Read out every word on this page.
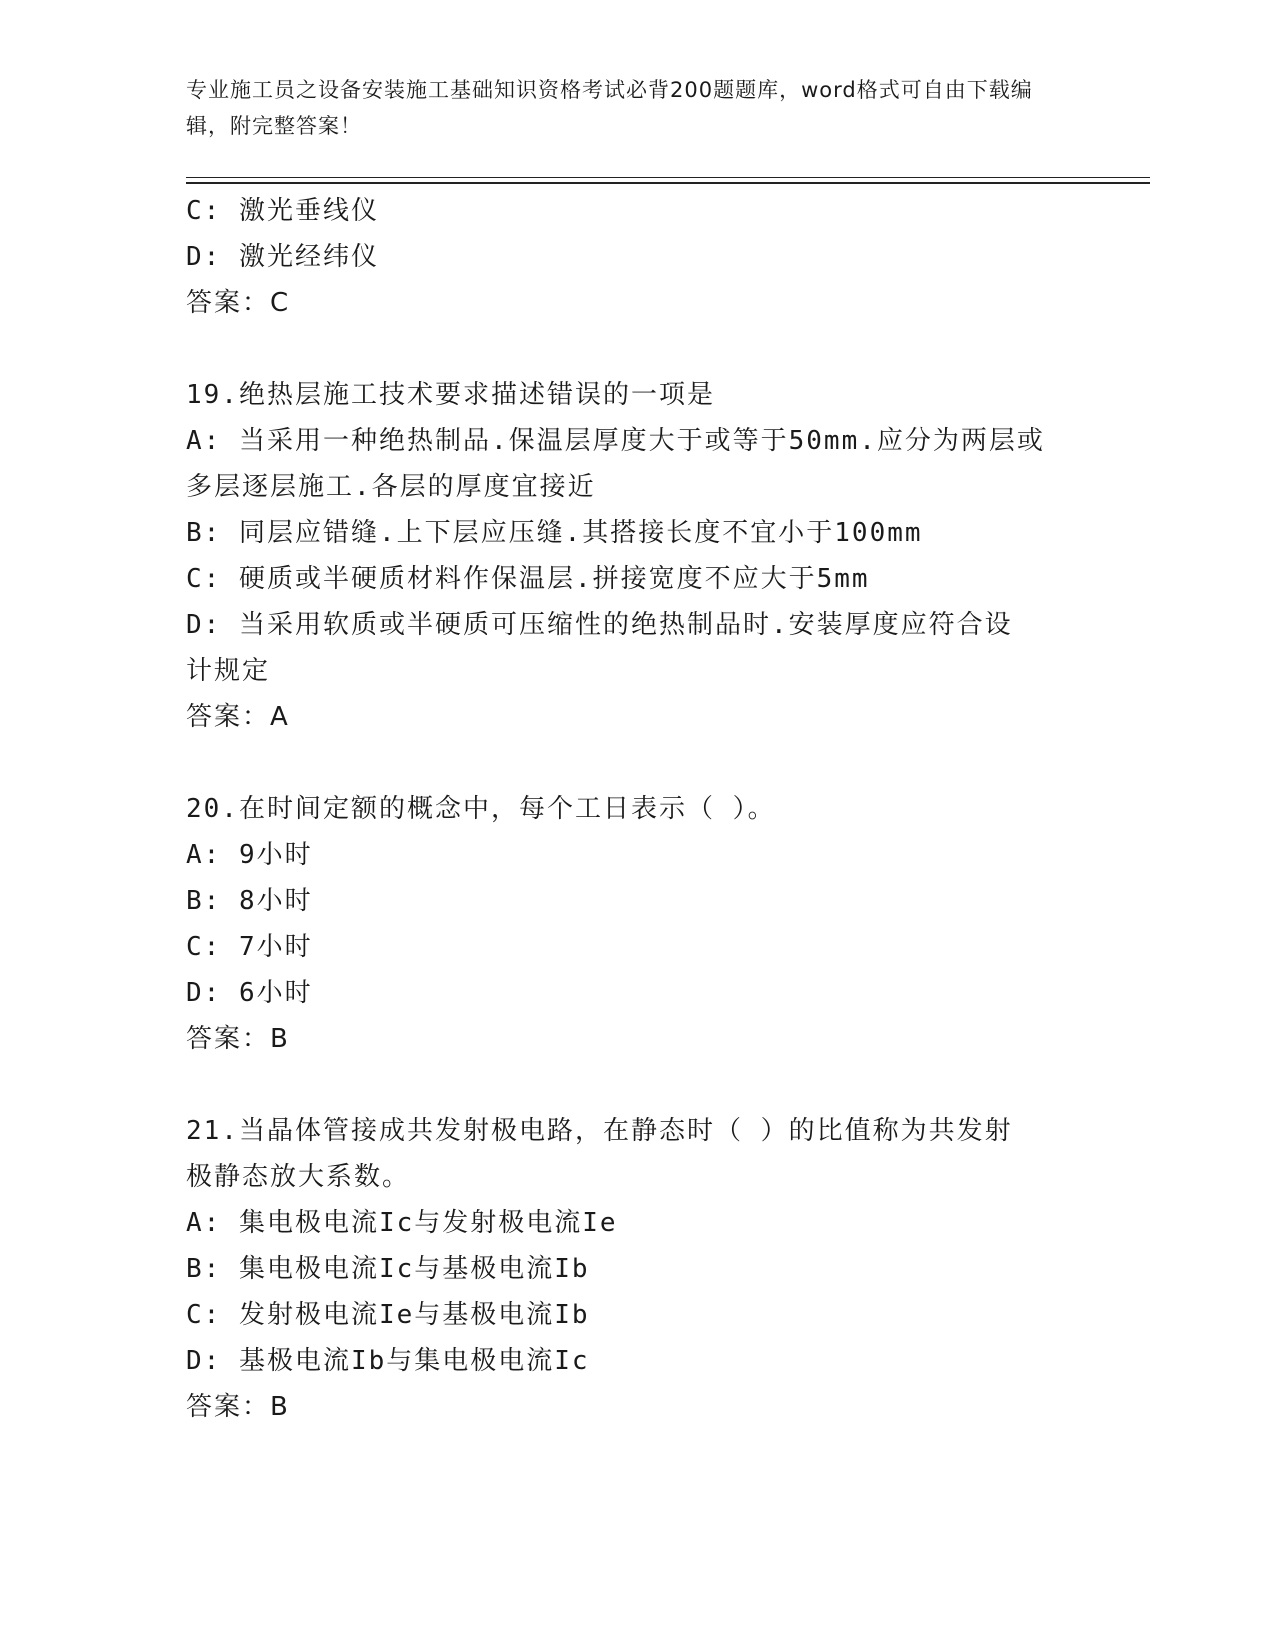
专业施工员之设备安装施工基础知识资格考试必背200题题库，word格式可自由下载编辑，附完整答案！
C: 激光垂线仪
D: 激光经纬仪
答案：C
19.绝热层施工技术要求描述错误的一项是
A: 当采用一种绝热制品.保温层厚度大于或等于50mm.应分为两层或多层逐层施工.各层的厚度宜接近
B: 同层应错缝.上下层应压缝.其搭接长度不宜小于100mm
C: 硬质或半硬质材料作保温层.拼接宽度不应大于5mm
D: 当采用软质或半硬质可压缩性的绝热制品时.安装厚度应符合设计规定
答案：A
20.在时间定额的概念中，每个工日表示（ ）。
A: 9小时
B: 8小时
C: 7小时
D: 6小时
答案：B
21.当晶体管接成共发射极电路，在静态时（ ）的比值称为共发射极静态放大系数。
A: 集电极电流Ic与发射极电流Ie
B: 集电极电流Ic与基极电流Ib
C: 发射极电流Ie与基极电流Ib
D: 基极电流Ib与集电极电流Ic
答案：B
